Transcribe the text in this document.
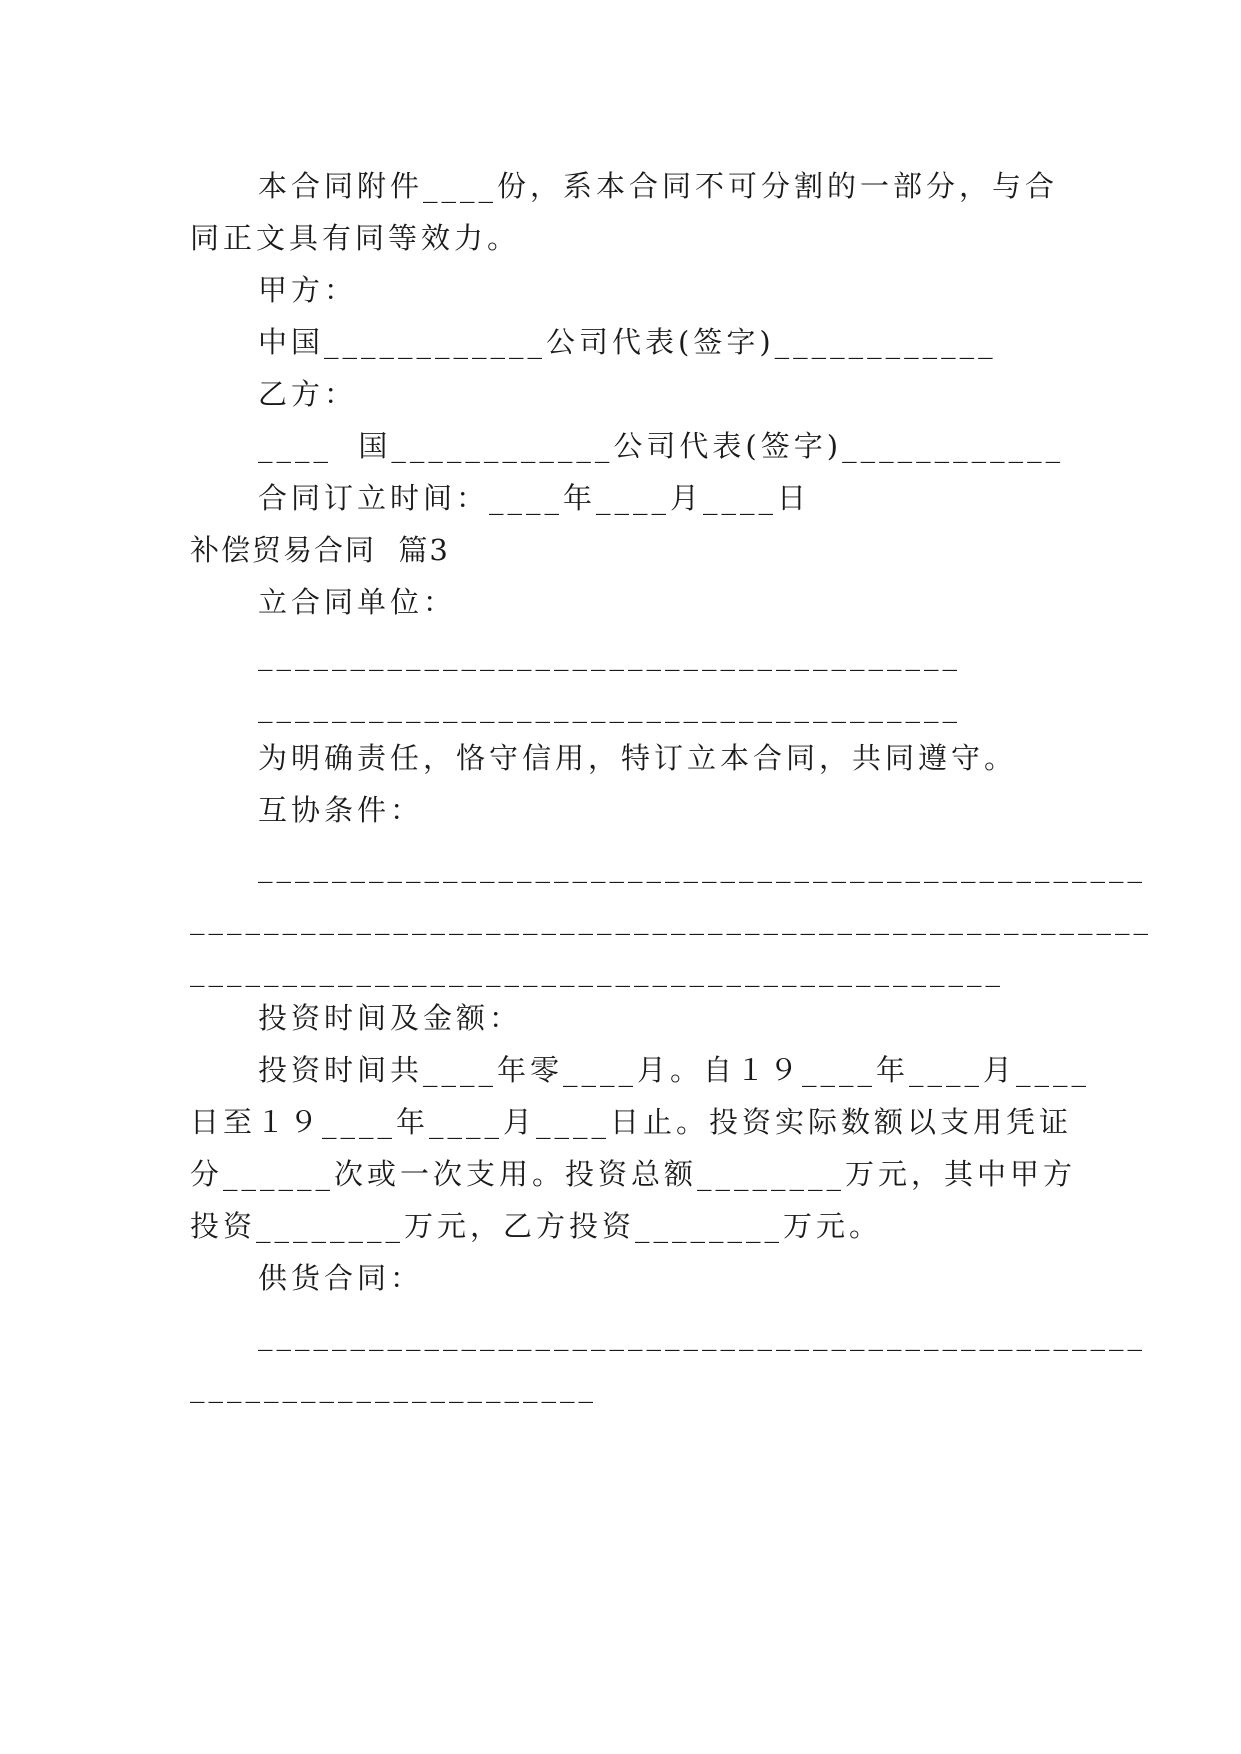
本合同附件____份，系本合同不可分割的一部分，与合
同正文具有同等效力。
甲方：
中国____________公司代表(签字)____________
乙方：
____  国____________公司代表(签字)____________
合同订立时间：____年____月____日
补偿贸易合同  篇3
立合同单位：
______________________________________
______________________________________
为明确责任，恪守信用，特订立本合同，共同遵守。
互协条件：
________________________________________________
____________________________________________________
____________________________________________
投资时间及金额：
投资时间共____年零____月。自１９____年____月____
日至１９____年____月____日止。投资实际数额以支用凭证
分______次或一次支用。投资总额________万元，其中甲方
投资________万元，乙方投资________万元。
供货合同：
________________________________________________
______________________
